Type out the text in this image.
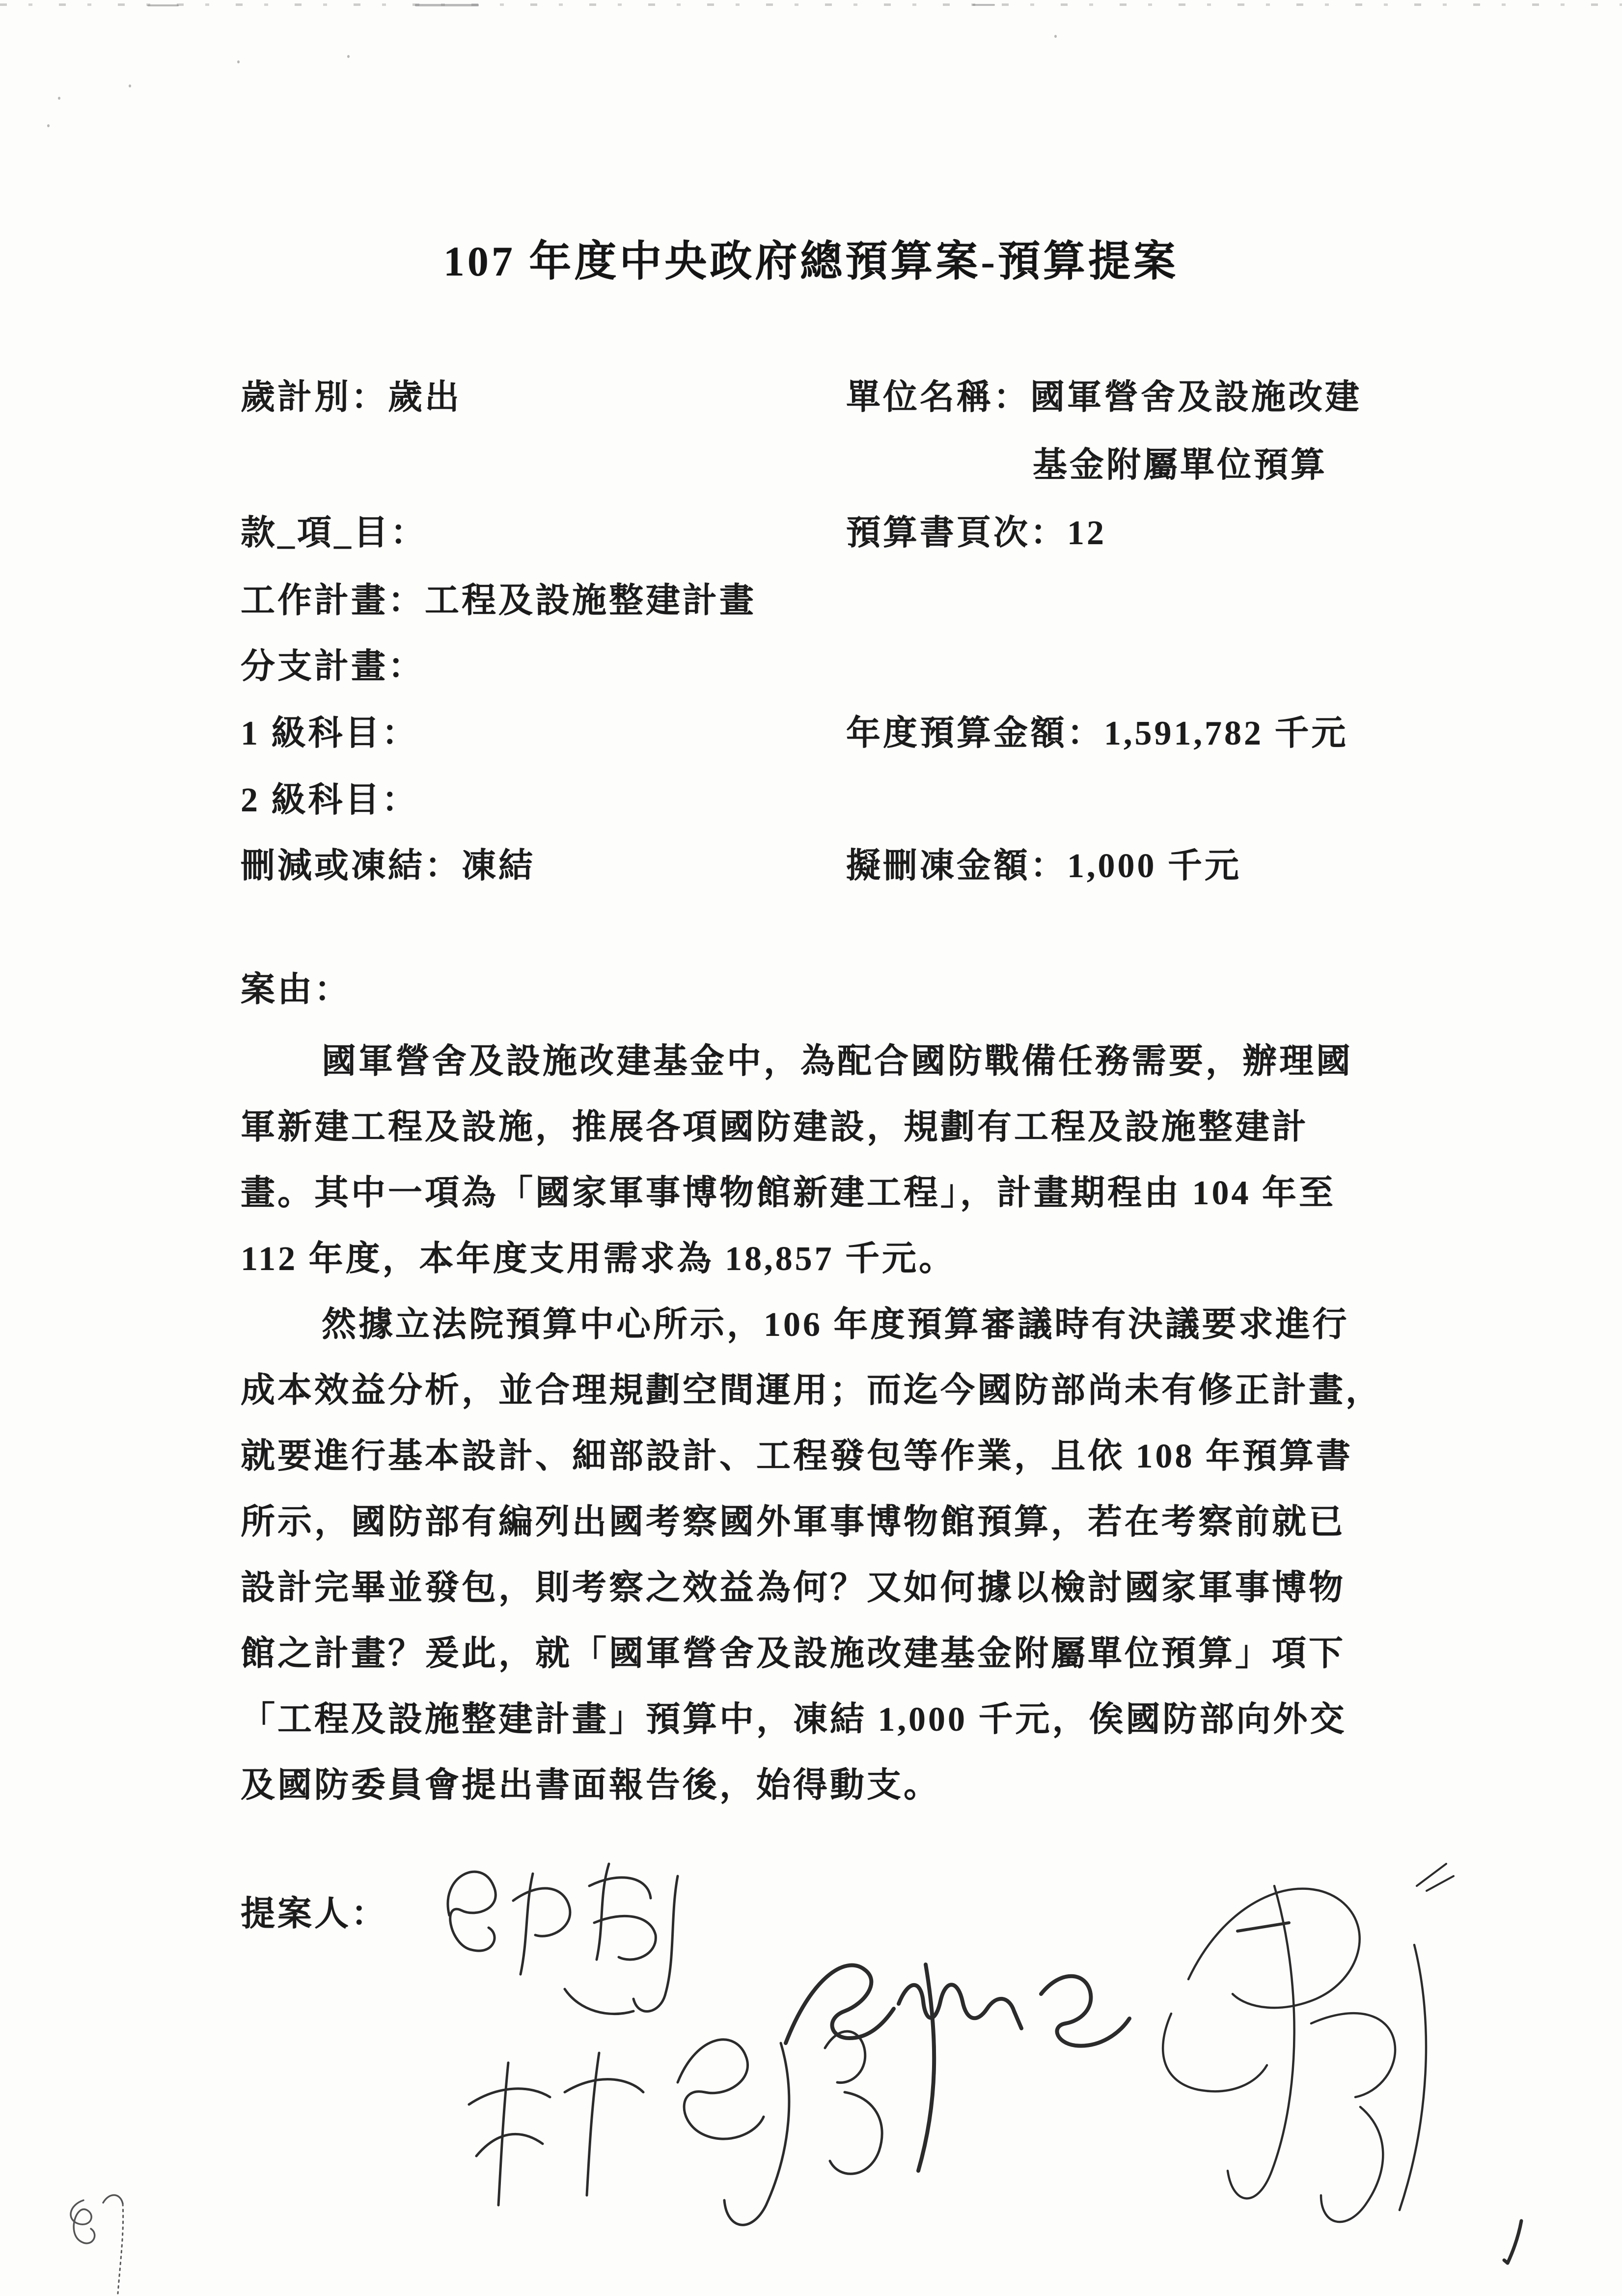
107 年度中央政府總預算案-預算提案
歲計別：歲出	單位名稱：國軍營舍及設施改建
基金附屬單位預算
款_項_目：	預算書頁次：12
工作計畫：工程及設施整建計畫
分支計畫：
1 級科目：	年度預算金額：1,591,782 千元
2 級科目：
刪減或凍結：凍結	擬刪凍金額：1,000 千元
案由：
國軍營舍及設施改建基金中，為配合國防戰備任務需要，辦理國
軍新建工程及設施，推展各項國防建設，規劃有工程及設施整建計
畫。其中一項為「國家軍事博物館新建工程」，計畫期程由 104 年至
112 年度，本年度支用需求為 18,857 千元。
然據立法院預算中心所示，106 年度預算審議時有決議要求進行
成本效益分析，並合理規劃空間運用；而迄今國防部尚未有修正計畫，
就要進行基本設計、細部設計、工程發包等作業，且依 108 年預算書
所示，國防部有編列出國考察國外軍事博物館預算，若在考察前就已
設計完畢並發包，則考察之效益為何？又如何據以檢討國家軍事博物
館之計畫？爰此，就「國軍營舍及設施改建基金附屬單位預算」項下
「工程及設施整建計畫」預算中，凍結 1,000 千元，俟國防部向外交
及國防委員會提出書面報告後，始得動支。
提案人：
